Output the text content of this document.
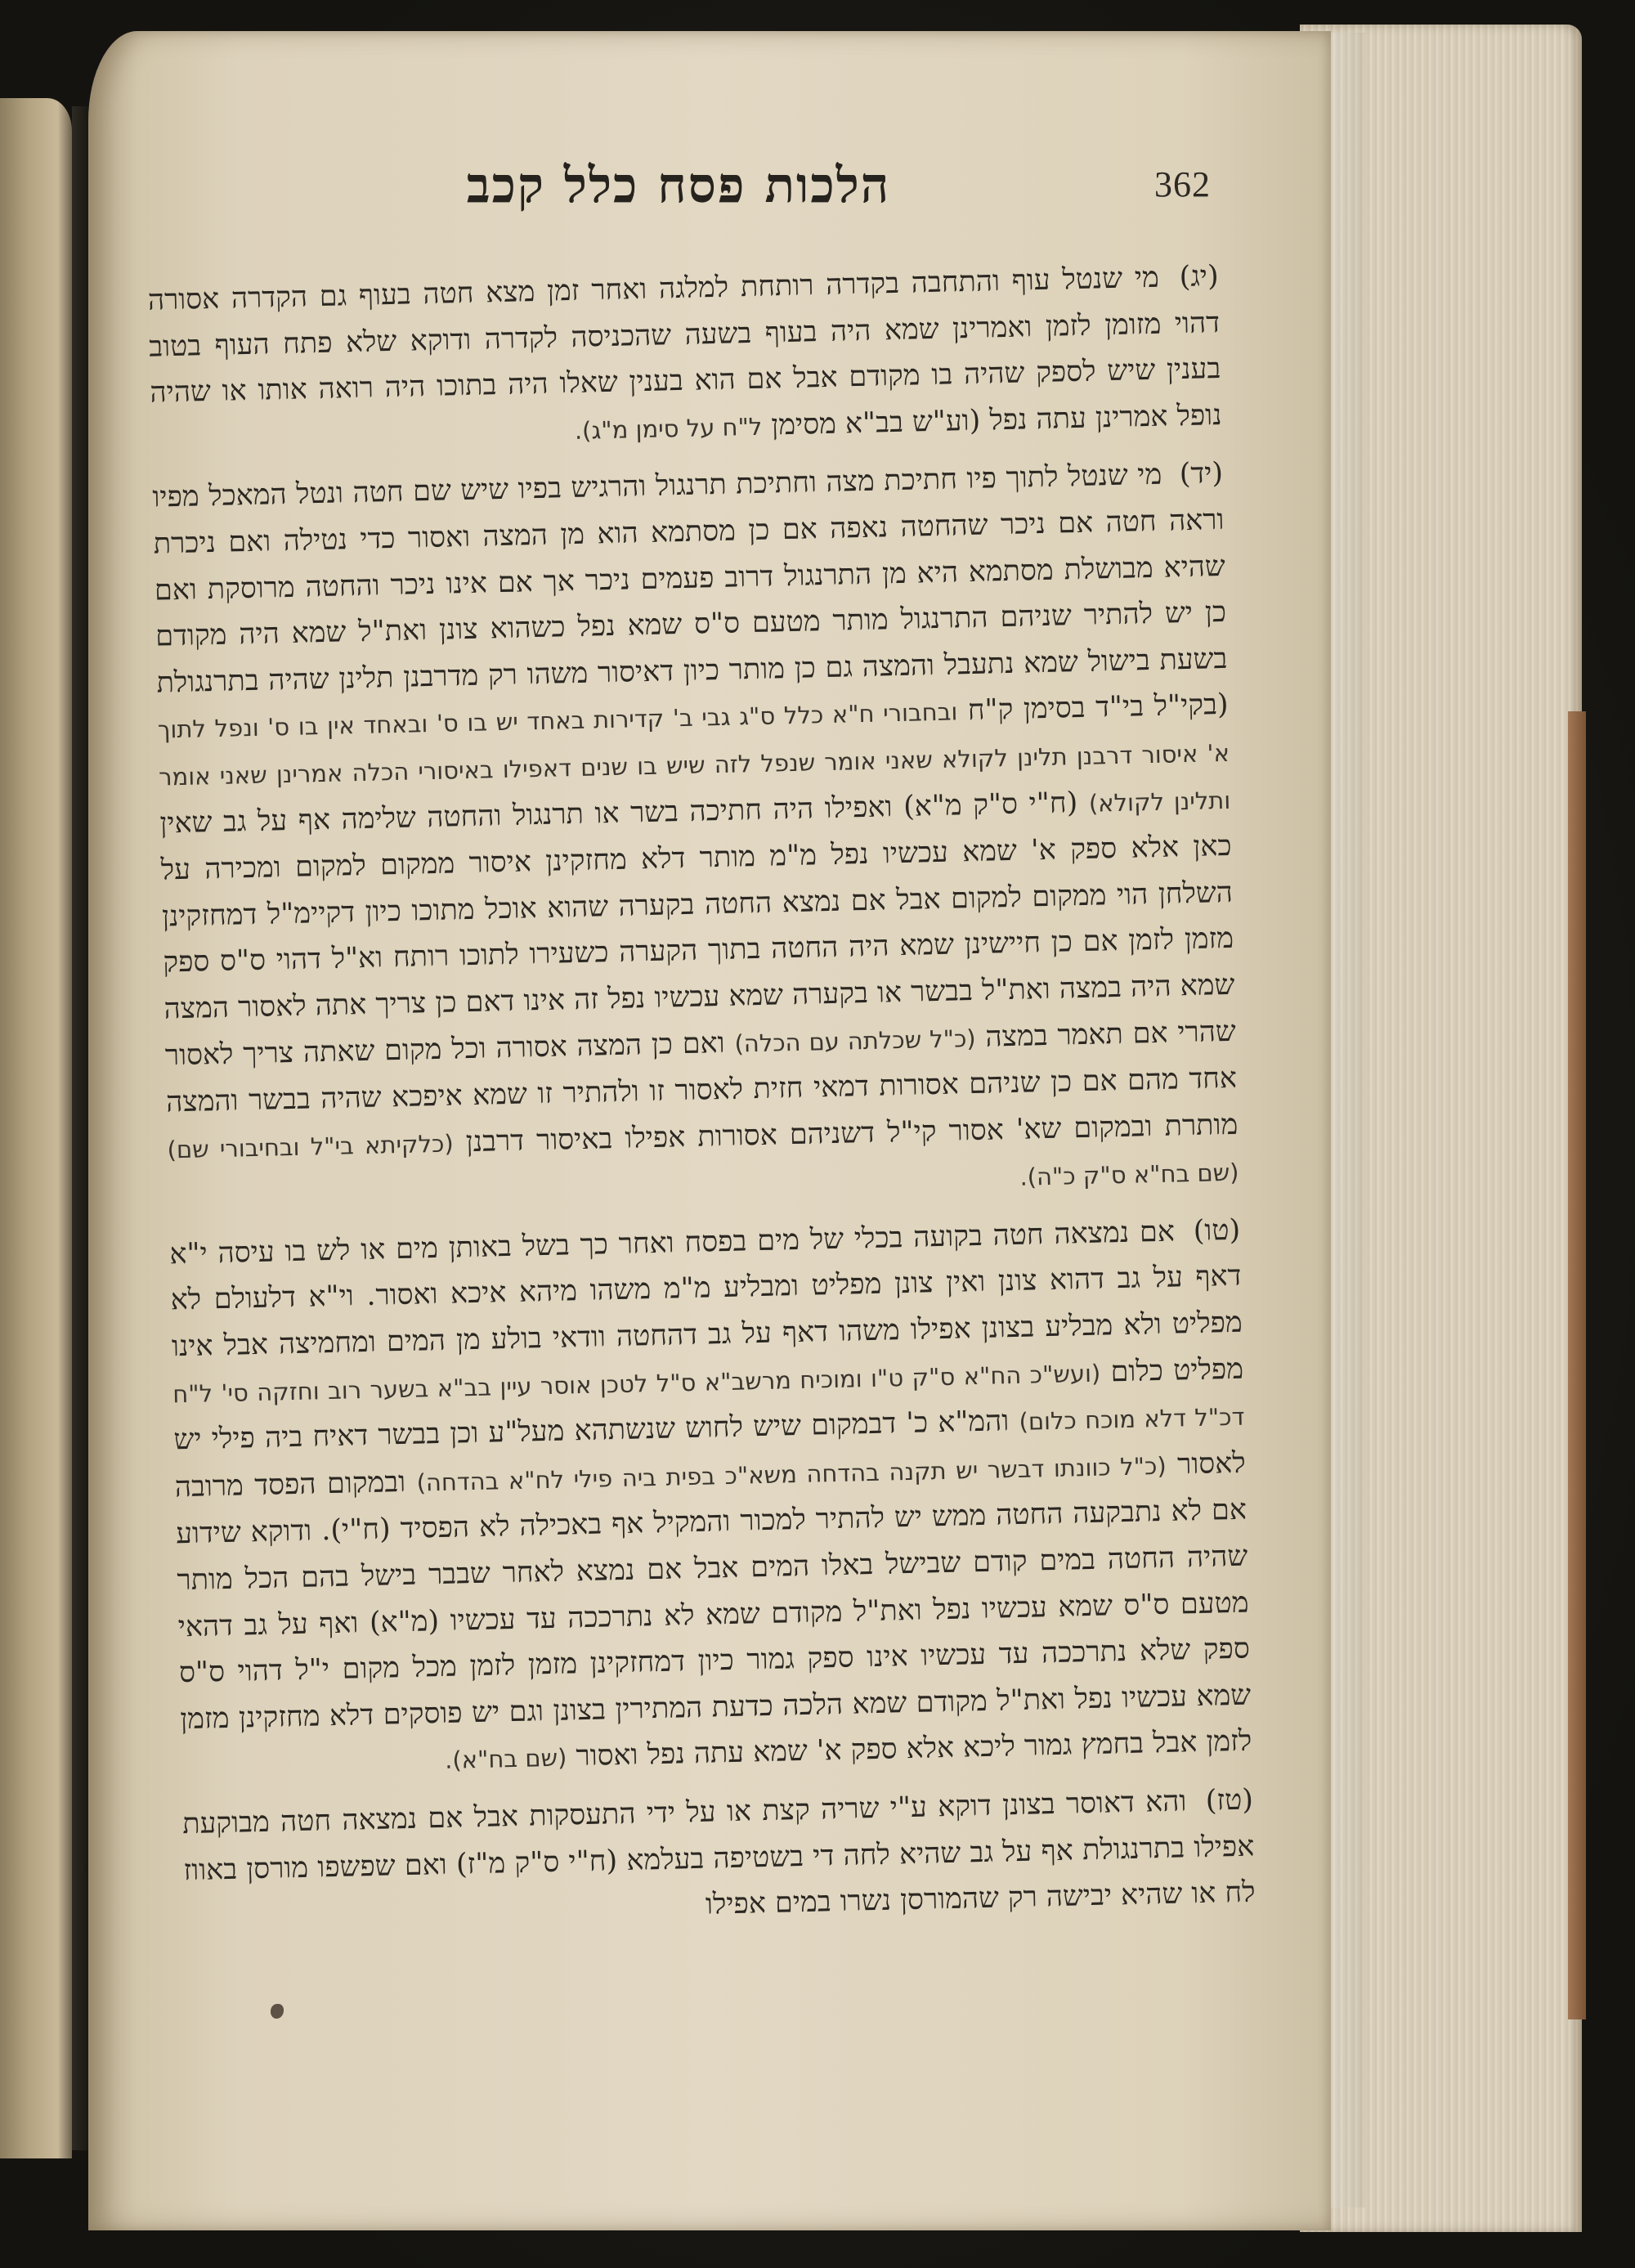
362
הלכות פסח כלל קכב

(יג) מי שנטל עוף והתחבה בקדרה רותחת למלגה ואחר זמן מצא חטה בעוף גם הקדרה אסורה דהוי מזומן לזמן ואמרינן שמא היה בעוף בשעה שהכניסה לקדרה ודוקא שלא פתח העוף בטוב בענין שיש לספק שהיה בו מקודם אבל אם הוא בענין שאלו היה בתוכו היה רואה אותו או שהיה נופל אמרינן עתה נפל (וע"ש בב"א מסימן ל"ח על סימן מ"ג).

(יד) מי שנטל לתוך פיו חתיכת מצה וחתיכת תרנגול והרגיש בפיו שיש שם חטה ונטל המאכל מפיו וראה חטה אם ניכר שהחטה נאפה אם כן מסתמא הוא מן המצה ואסור כדי נטילה ואם ניכרת שהיא מבושלת מסתמא היא מן התרנגול דרוב פעמים ניכר אך אם אינו ניכר והחטה מרוסקת ואם כן יש להתיר שניהם התרנגול מותר מטעם ס"ס שמא נפל כשהוא צונן ואת"ל שמא היה מקודם בשעת בישול שמא נתעבל והמצה גם כן מותר כיון דאיסור משהו רק מדרבנן תלינן שהיה בתרנגולת (בקי"ל בי"ד בסימן ק"ח ובחבורי ח"א כלל ס"ג גבי ב' קדירות באחד יש בו ס' ובאחד אין בו ס' ונפל לתוך א' איסור דרבנן תלינן לקולא שאני אומר שנפל לזה שיש בו שנים דאפילו באיסורי הכלה אמרינן שאני אומר ותלינן לקולא) (ח"י ס"ק מ"א) ואפילו היה חתיכה בשר או תרנגול והחטה שלימה אף על גב שאין כאן אלא ספק א' שמא עכשיו נפל מ"מ מותר דלא מחזקינן איסור ממקום למקום ומכירה על השלחן הוי ממקום למקום אבל אם נמצא החטה בקערה שהוא אוכל מתוכו כיון דקיימ"ל דמחזקינן מזמן לזמן אם כן חיישינן שמא היה החטה בתוך הקערה כשעירו לתוכו רותח וא"ל דהוי ס"ס ספק שמא היה במצה ואת"ל בבשר או בקערה שמא עכשיו נפל זה אינו דאם כן צריך אתה לאסור המצה שהרי אם תאמר במצה (כ"ל שכלתה עם הכלה) ואם כן המצה אסורה וכל מקום שאתה צריך לאסור אחד מהם אם כן שניהם אסורות דמאי חזית לאסור זו ולהתיר זו שמא איפכא שהיה בבשר והמצה מותרת ובמקום שא' אסור קי"ל דשניהם אסורות אפילו באיסור דרבנן (כלקיתא בי"ל ובחיבורי שם) (שם בח"א ס"ק כ"ה).

(טו) אם נמצאה חטה בקועה בכלי של מים בפסח ואחר כך בשל באותן מים או לש בו עיסה י"א דאף על גב דהוא צונן ואין צונן מפליט ומבליע מ"מ משהו מיהא איכא ואסור. וי"א דלעולם לא מפליט ולא מבליע בצונן אפילו משהו דאף על גב דהחטה וודאי בולע מן המים ומחמיצה אבל אינו מפליט כלום (ועש"כ הח"א ס"ק ט"ו ומוכיח מרשב"א ס"ל לטכן אוסר עיין בב"א בשער רוב וחזקה סי' ל"ח דכ"ל דלא מוכח כלום) והמ"א כ' דבמקום שיש לחוש שנשתהא מעל"ע וכן בבשר דאיח ביה פילי יש לאסור (כ"ל כוונתו דבשר יש תקנה בהדחה משא"כ בפית ביה פילי לח"א בהדחה) ובמקום הפסד מרובה אם לא נתבקעה החטה ממש יש להתיר למכור והמקיל אף באכילה לא הפסיד (ח"י). ודוקא שידוע שהיה החטה במים קודם שבישל באלו המים אבל אם נמצא לאחר שבבר בישל בהם הכל מותר מטעם ס"ס שמא עכשיו נפל ואת"ל מקודם שמא לא נתרככה עד עכשיו (מ"א) ואף על גב דהאי ספק שלא נתרככה עד עכשיו אינו ספק גמור כיון דמחזקינן מזמן לזמן מכל מקום י"ל דהוי ס"ס שמא עכשיו נפל ואת"ל מקודם שמא הלכה כדעת המתירין בצונן וגם יש פוסקים דלא מחזקינן מזמן לזמן אבל בחמץ גמור ליכא אלא ספק א' שמא עתה נפל ואסור (שם בח"א).

(טז) והא דאוסר בצונן דוקא ע"י שריה קצת או על ידי התעסקות אבל אם נמצאה חטה מבוקעת אפילו בתרנגולת אף על גב שהיא לחה די בשטיפה בעלמא (ח"י ס"ק מ"ז) ואם שפשפו מורסן באווז לח או שהיא יבישה רק שהמורסן נשרו במים אפילו
